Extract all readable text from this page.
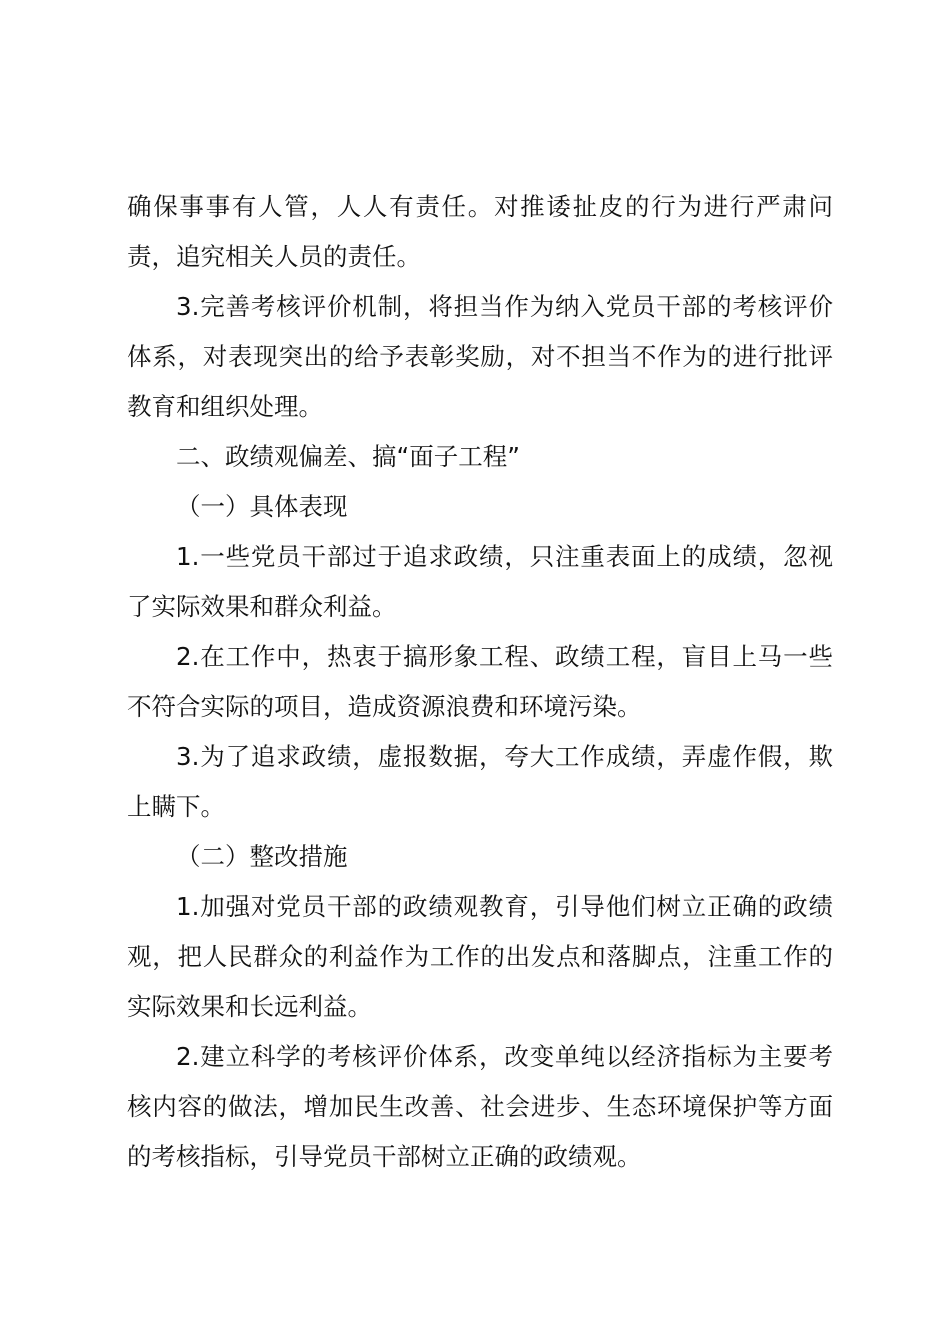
确保事事有人管，人人有责任。对推诿扯皮的行为进行严肃问责，追究相关人员的责任。

3.完善考核评价机制，将担当作为纳入党员干部的考核评价体系，对表现突出的给予表彰奖励，对不担当不作为的进行批评教育和组织处理。

二、政绩观偏差、搞“面子工程”

（一）具体表现

1.一些党员干部过于追求政绩，只注重表面上的成绩，忽视了实际效果和群众利益。

2.在工作中，热衷于搞形象工程、政绩工程，盲目上马一些不符合实际的项目，造成资源浪费和环境污染。

3.为了追求政绩，虚报数据，夸大工作成绩，弄虚作假，欺上瞒下。

（二）整改措施

1.加强对党员干部的政绩观教育，引导他们树立正确的政绩观，把人民群众的利益作为工作的出发点和落脚点，注重工作的实际效果和长远利益。

2.建立科学的考核评价体系，改变单纯以经济指标为主要考核内容的做法，增加民生改善、社会进步、生态环境保护等方面的考核指标，引导党员干部树立正确的政绩观。
